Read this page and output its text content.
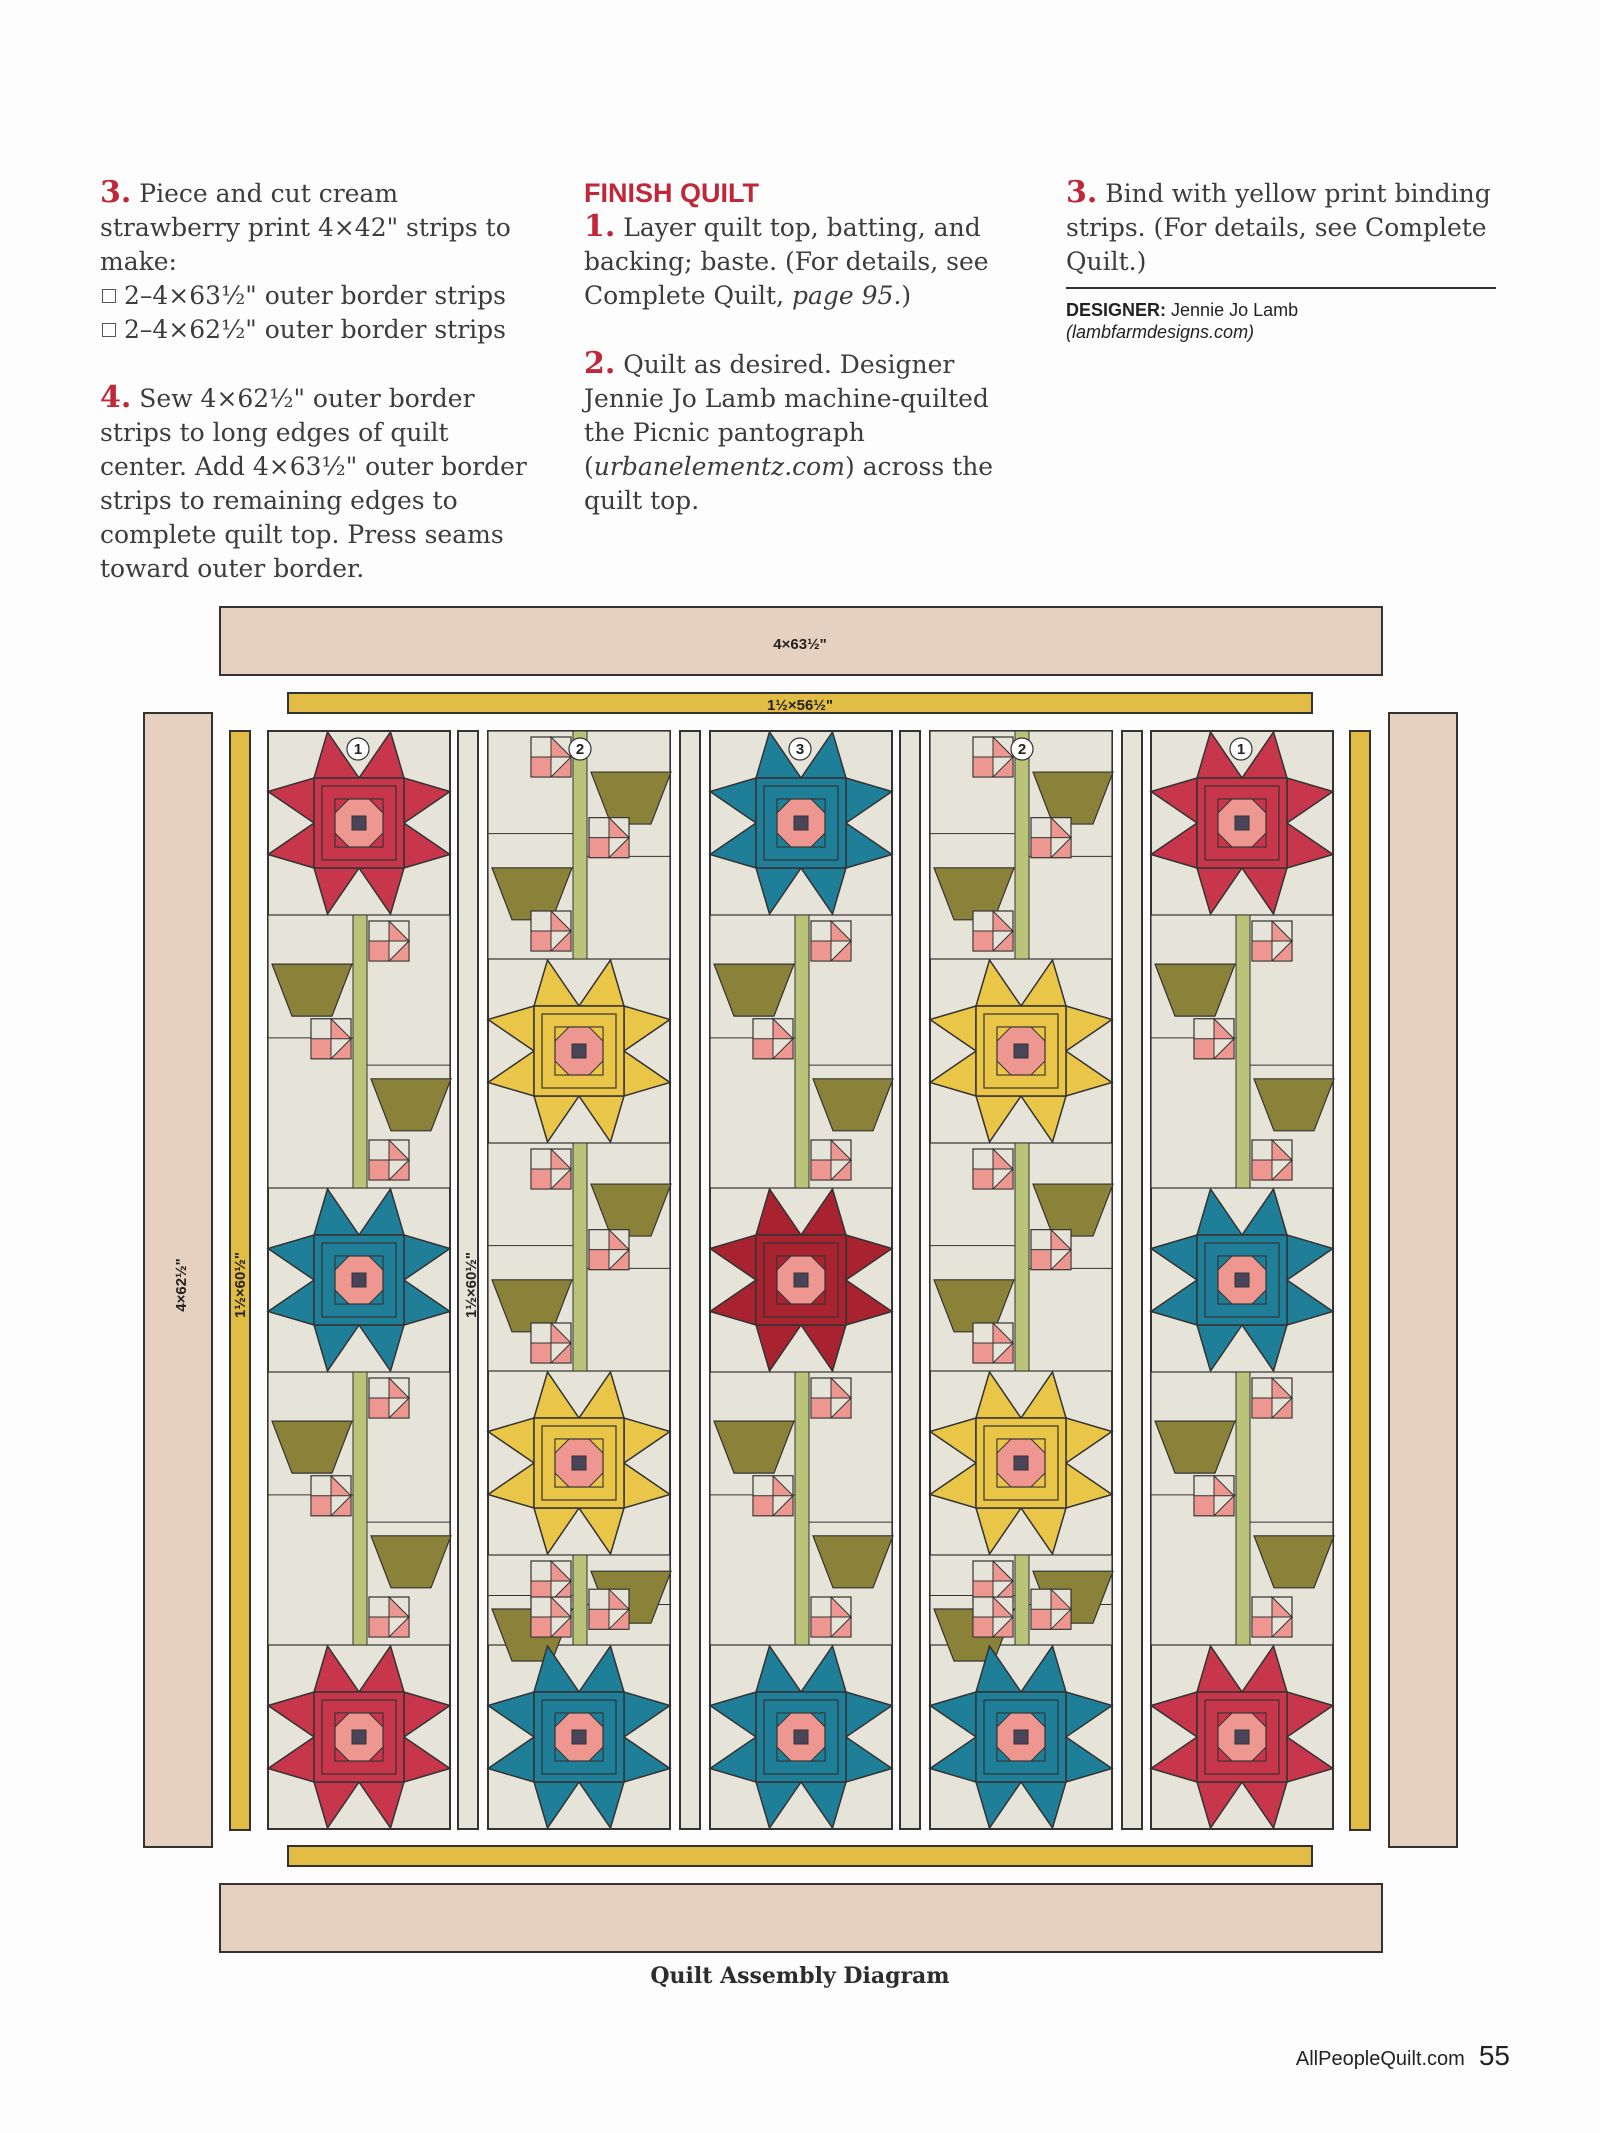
3. Piece and cut cream strawberry print 4×42" strips to make:
2–4×63½" outer border strips
2–4×62½" outer border strips

4. Sew 4×62½" outer border strips to long edges of quilt center. Add 4×63½" outer border strips to remaining edges to complete quilt top. Press seams toward outer border.

FINISH QUILT

1. Layer quilt top, batting, and backing; baste. (For details, see Complete Quilt, page 95.)

2. Quilt as desired. Designer Jennie Jo Lamb machine-quilted the Picnic pantograph (urbanelementz.com) across the quilt top.

3. Bind with yellow print binding strips. (For details, see Complete Quilt.)

DESIGNER: Jennie Jo Lamb
(lambfarmdesigns.com)
1	2	3	2	1
4×63½"
1½×56½"
4×62½"	1½×60½"	1½×60½"
Quilt Assembly Diagram
AllPeopleQuilt.com 55
